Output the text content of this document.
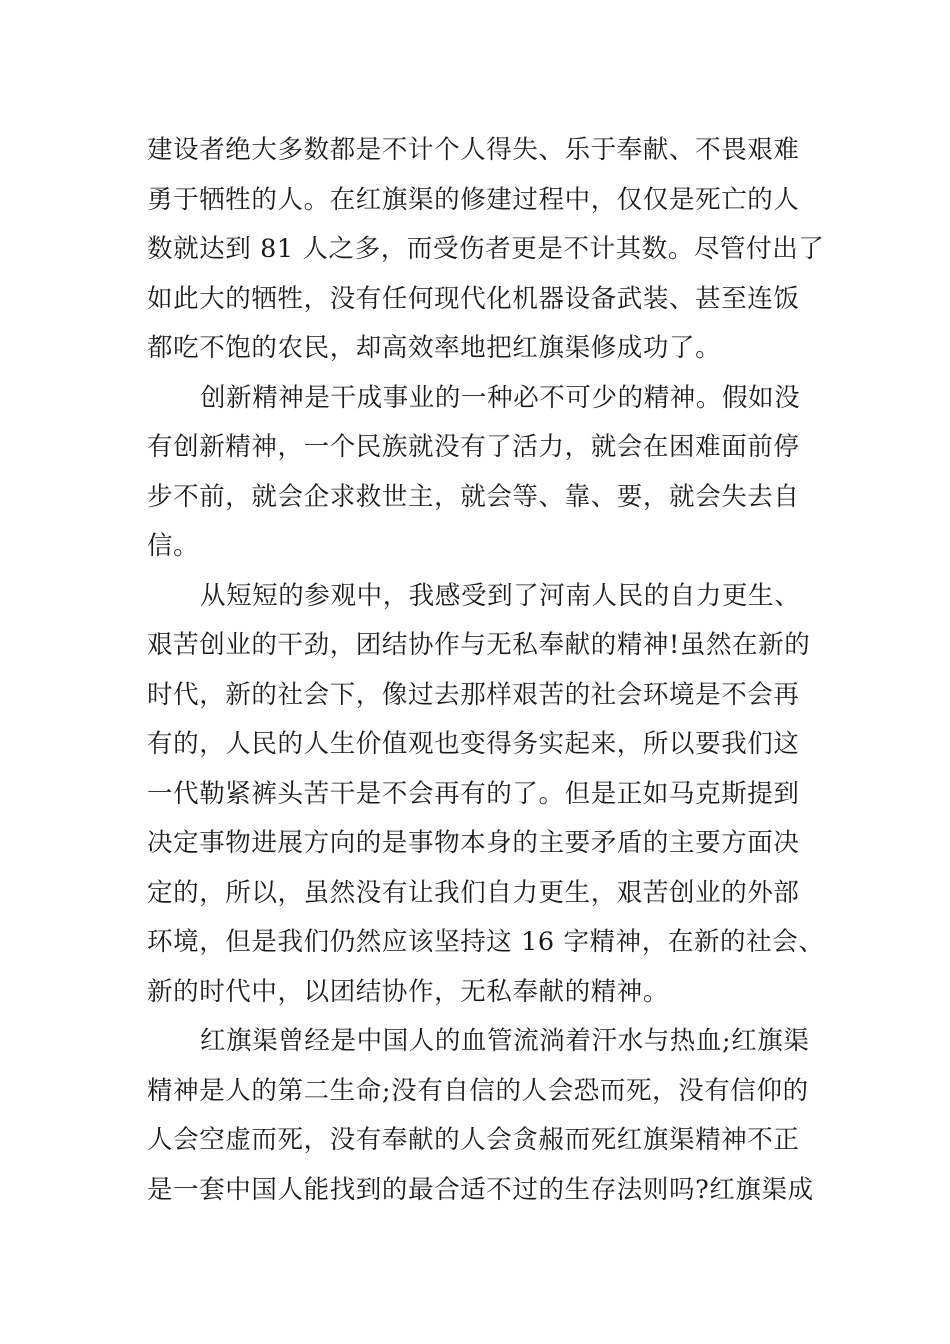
建设者绝大多数都是不计个人得失、乐于奉献、不畏艰难
勇于牺牲的人。在红旗渠的修建过程中，仅仅是死亡的人
数就达到 81 人之多，而受伤者更是不计其数。尽管付出了
如此大的牺牲，没有任何现代化机器设备武装、甚至连饭
都吃不饱的农民，却高效率地把红旗渠修成功了。
创新精神是干成事业的一种必不可少的精神。假如没
有创新精神，一个民族就没有了活力，就会在困难面前停
步不前，就会企求救世主，就会等、靠、要，就会失去自
信。
从短短的参观中，我感受到了河南人民的自力更生、
艰苦创业的干劲，团结协作与无私奉献的精神!虽然在新的
时代，新的社会下，像过去那样艰苦的社会环境是不会再
有的，人民的人生价值观也变得务实起来，所以要我们这
一代勒紧裤头苦干是不会再有的了。但是正如马克斯提到
决定事物进展方向的是事物本身的主要矛盾的主要方面决
定的，所以，虽然没有让我们自力更生，艰苦创业的外部
环境，但是我们仍然应该坚持这 16 字精神，在新的社会、
新的时代中，以团结协作，无私奉献的精神。
红旗渠曾经是中国人的血管流淌着汗水与热血;红旗渠
精神是人的第二生命;没有自信的人会恐而死，没有信仰的
人会空虚而死，没有奉献的人会贪赧而死红旗渠精神不正
是一套中国人能找到的最合适不过的生存法则吗?红旗渠成
